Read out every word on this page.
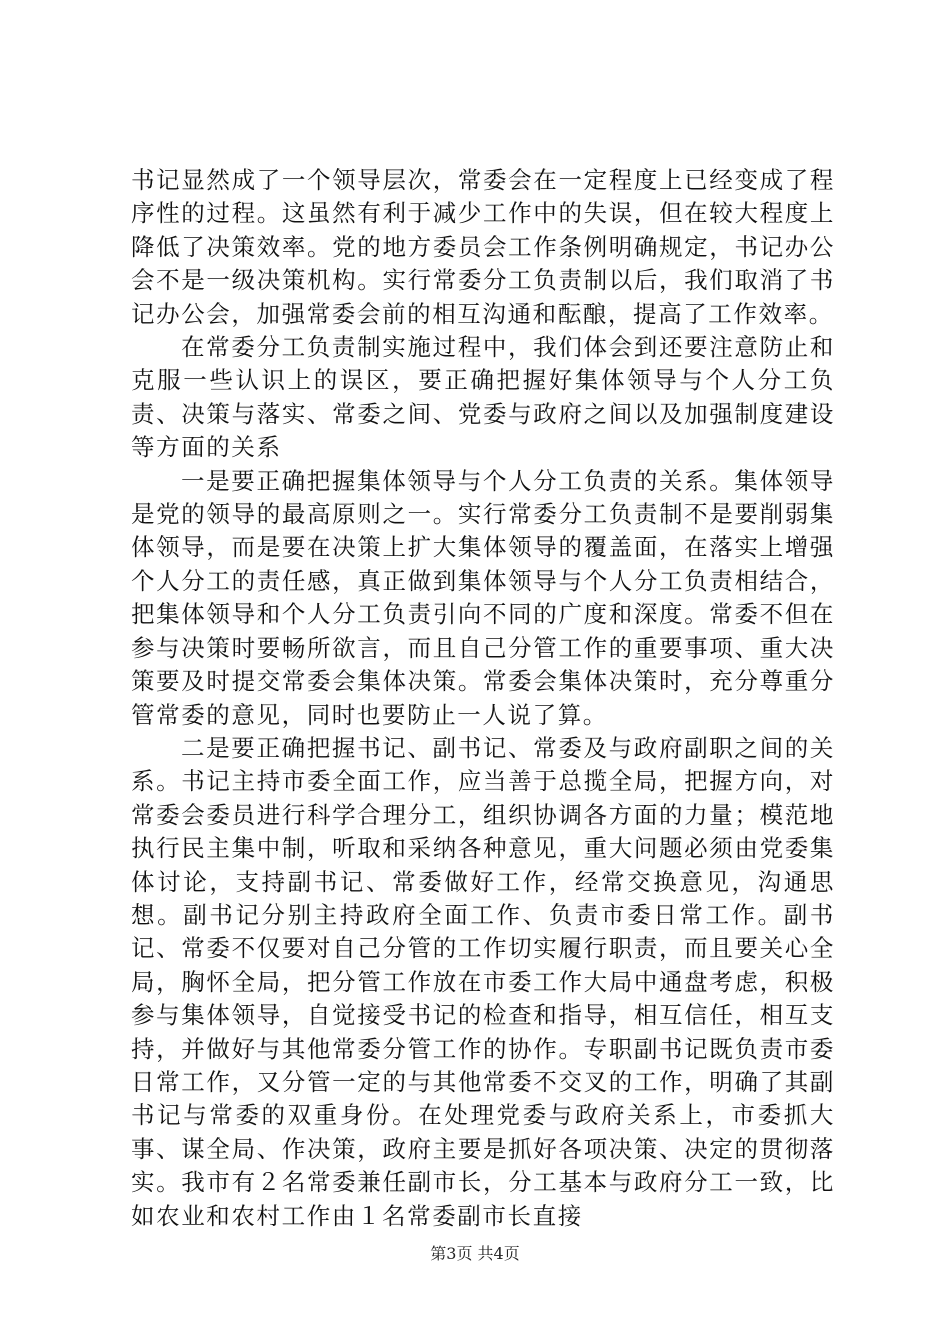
书记显然成了一个领导层次，常委会在一定程度上已经变成了程序性的过程。这虽然有利于减少工作中的失误，但在较大程度上降低了决策效率。党的地方委员会工作条例明确规定，书记办公会不是一级决策机构。实行常委分工负责制以后，我们取消了书记办公会，加强常委会前的相互沟通和酝酿，提高了工作效率。

在常委分工负责制实施过程中，我们体会到还要注意防止和克服一些认识上的误区，要正确把握好集体领导与个人分工负责、决策与落实、常委之间、党委与政府之间以及加强制度建设等方面的关系

一是要正确把握集体领导与个人分工负责的关系。集体领导是党的领导的最高原则之一。实行常委分工负责制不是要削弱集体领导，而是要在决策上扩大集体领导的覆盖面，在落实上增强个人分工的责任感，真正做到集体领导与个人分工负责相结合，把集体领导和个人分工负责引向不同的广度和深度。常委不但在参与决策时要畅所欲言，而且自己分管工作的重要事项、重大决策要及时提交常委会集体决策。常委会集体决策时，充分尊重分管常委的意见，同时也要防止一人说了算。

二是要正确把握书记、副书记、常委及与政府副职之间的关系。书记主持市委全面工作，应当善于总揽全局，把握方向，对常委会委员进行科学合理分工，组织协调各方面的力量；模范地执行民主集中制，听取和采纳各种意见，重大问题必须由党委集体讨论，支持副书记、常委做好工作，经常交换意见，沟通思想。副书记分别主持政府全面工作、负责市委日常工作。副书记、常委不仅要对自己分管的工作切实履行职责，而且要关心全局，胸怀全局，把分管工作放在市委工作大局中通盘考虑，积极参与集体领导，自觉接受书记的检查和指导，相互信任，相互支持，并做好与其他常委分管工作的协作。专职副书记既负责市委日常工作，又分管一定的与其他常委不交叉的工作，明确了其副书记与常委的双重身份。在处理党委与政府关系上，市委抓大事、谋全局、作决策，政府主要是抓好各项决策、决定的贯彻落实。我市有２名常委兼任副市长，分工基本与政府分工一致，比如农业和农村工作由１名常委副市长直接

第3页 共4页
